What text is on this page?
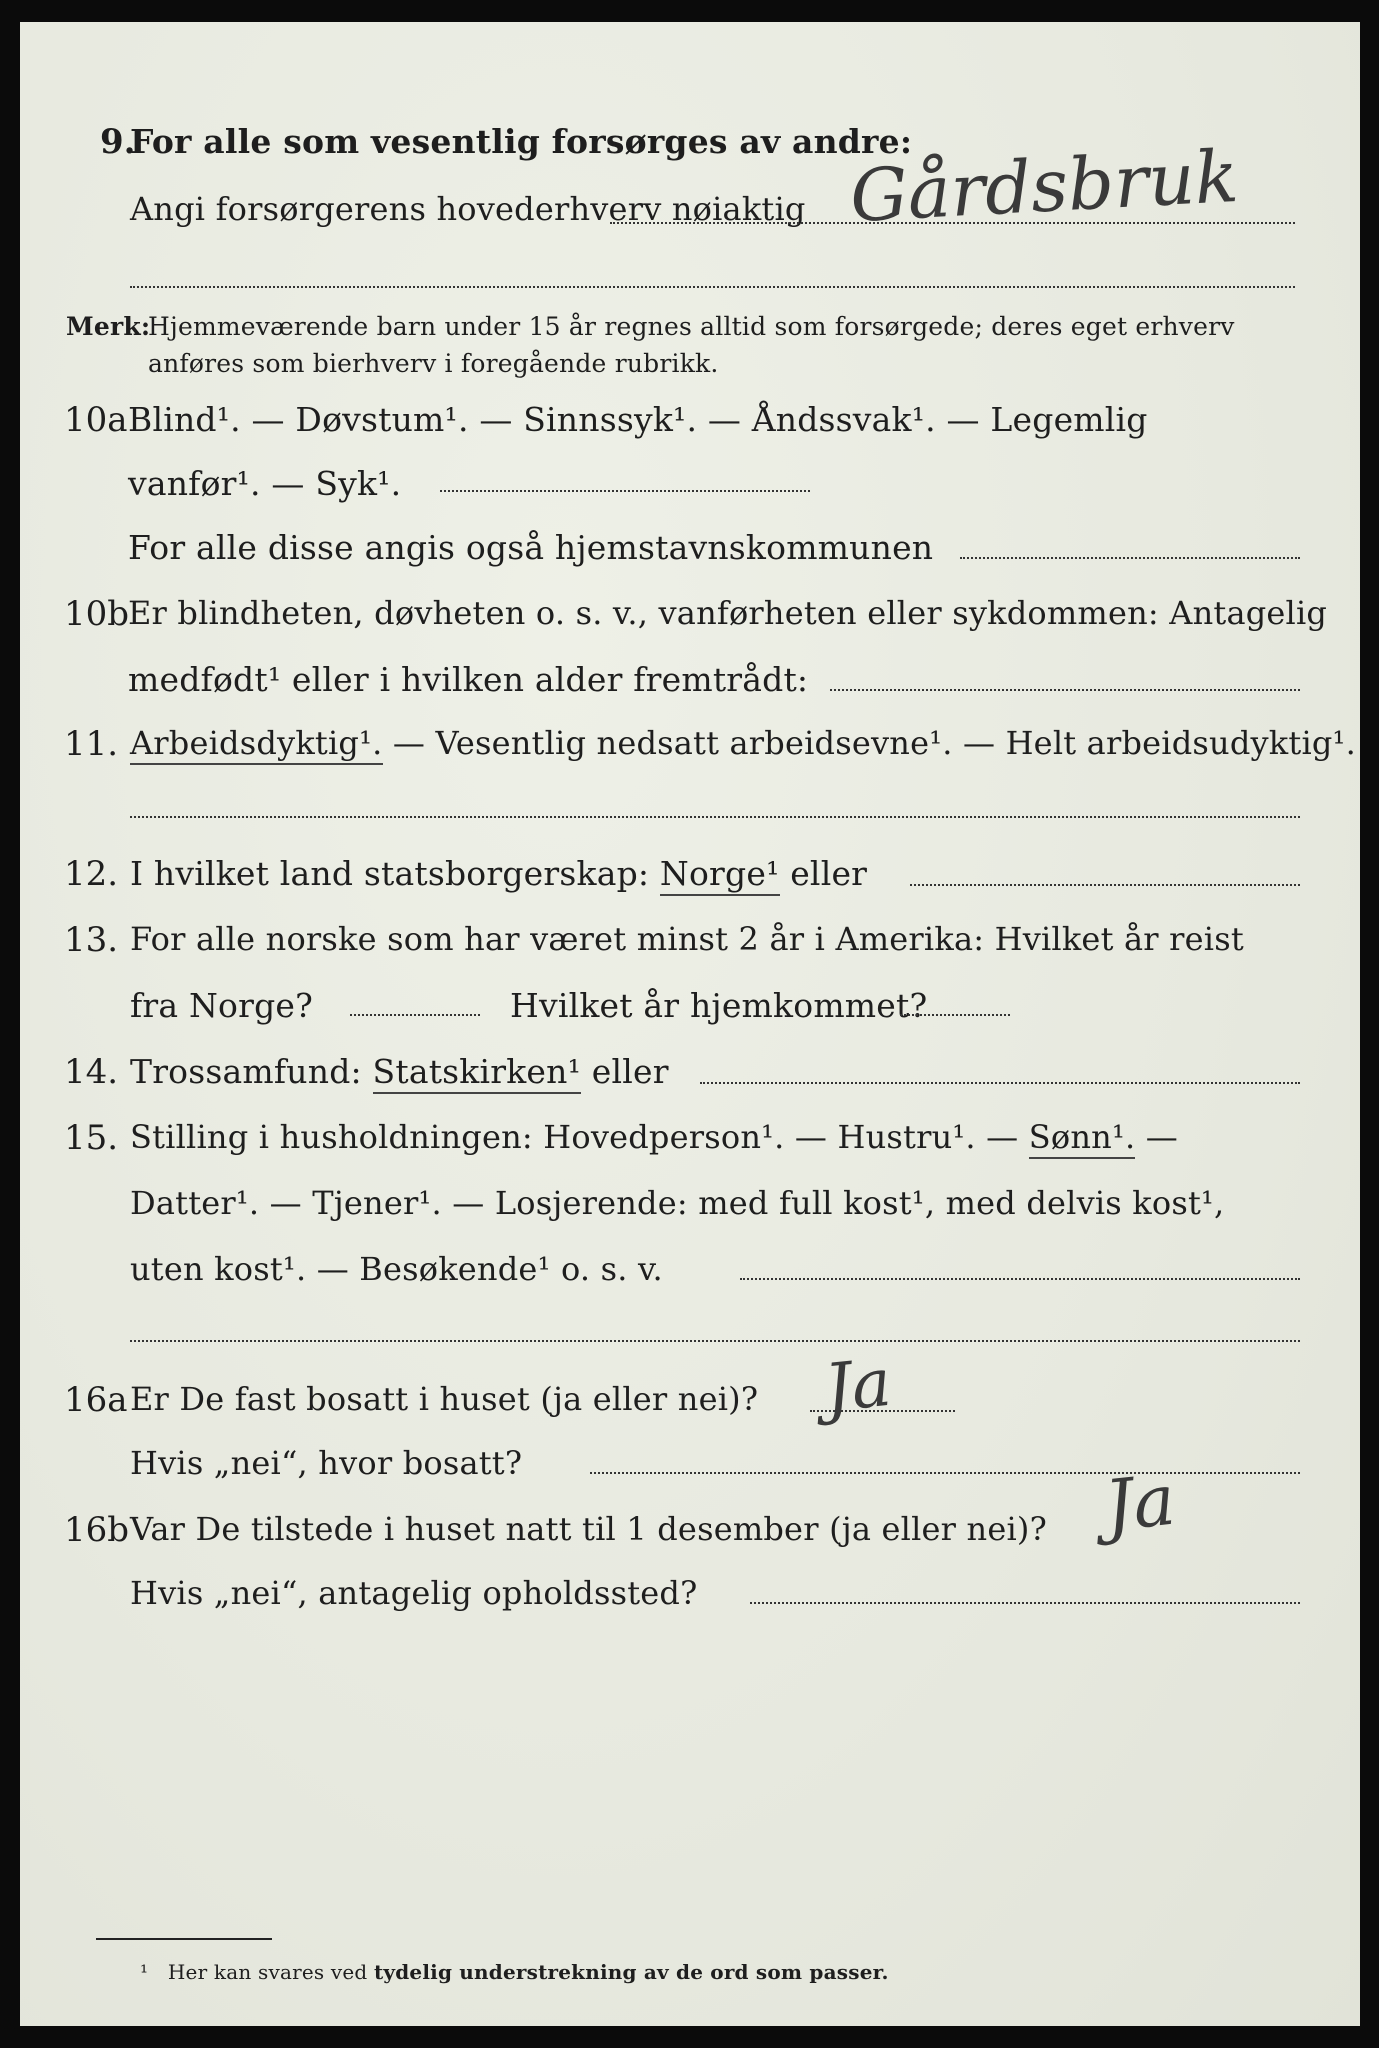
9.
For alle som vesentlig forsørges av andre:
Angi forsørgerens hovederhverv nøiaktig Gårdsbruk
Merk:
Hjemmeværende barn under 15 år regnes alltid som forsørgede; deres eget erhverv
anføres som bierhverv i foregående rubrikk.
10a Blind¹. — Døvstum¹. — Sinnssyk¹. — Åndssvak¹. — Legemlig
vanfør¹. — Syk¹.
For alle disse angis også hjemstavnskommunen
10b
Er blindheten, døvheten o. s. v., vanførheten eller sykdommen: Antagelig
medfødt¹ eller i hvilken alder fremtrådt:
11. Arbeidsdyktig¹. — Vesentlig nedsatt arbeidsevne¹. — Helt arbeidsudyktig¹.
12. I hvilket land statsborgerskap: Norge¹ eller
13. For alle norske som har været minst 2 år i Amerika: Hvilket år reist
fra Norge?	Hvilket år hjemkommet?
14. Trossamfund: Statskirken¹ eller
15. Stilling i husholdningen: Hovedperson¹. — Hustru¹. — Sønn¹. —
Datter¹. — Tjener¹. — Losjerende: med full kost¹, med delvis kost¹,
uten kost¹. — Besøkende¹ o. s. v.
16a Er De fast bosatt i huset (ja eller nei)? Ja
Hvis „nei“, hvor bosatt?
16b Var De tilstede i huset natt til 1 desember (ja eller nei)? Ja
Hvis „nei“, antagelig opholdssted?
¹ Her kan svares ved tydelig understrekning av de ord som passer.
